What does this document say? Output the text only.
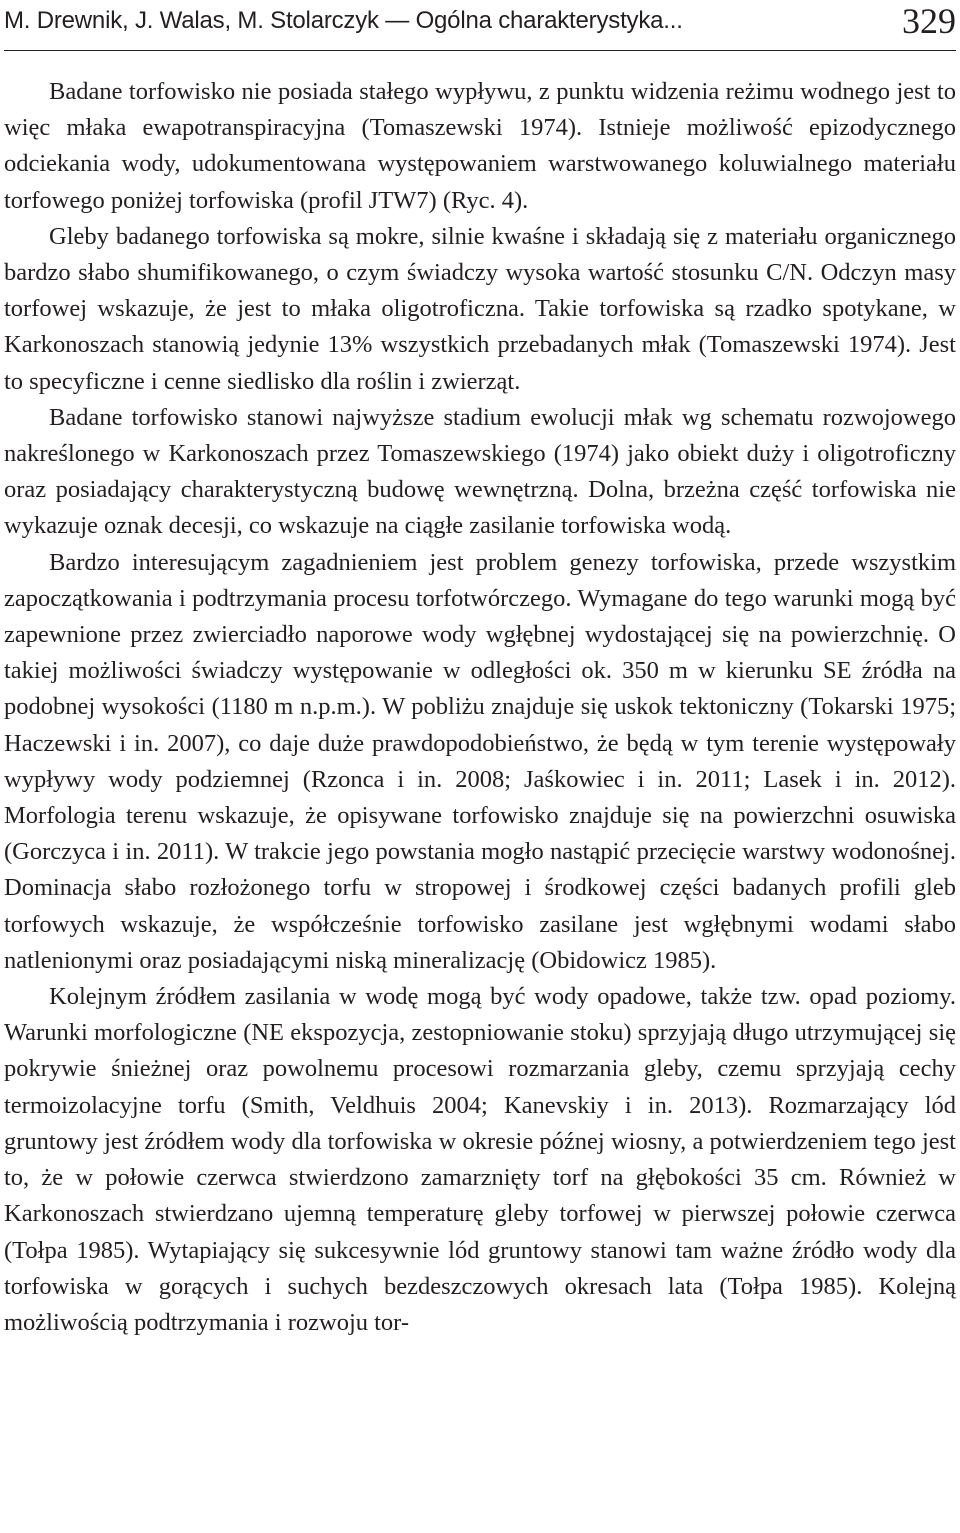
M. Drewnik, J. Walas, M. Stolarczyk — Ogólna charakterystyka...	329

Badane torfowisko nie posiada stałego wypływu, z punktu widzenia reżimu wodnego jest to więc młaka ewapotranspiracyjna (Tomaszewski 1974). Istnieje możliwość epizodycznego odciekania wody, udokumentowana występowaniem warstwowanego koluwialnego materiału torfowego poniżej torfowiska (profil JTW7) (Ryc. 4).

Gleby badanego torfowiska są mokre, silnie kwaśne i składają się z materiału organicznego bardzo słabo shumifikowanego, o czym świadczy wysoka wartość stosunku C/N. Odczyn masy torfowej wskazuje, że jest to młaka oligotroficzna. Takie torfowiska są rzadko spotykane, w Karkonoszach stanowią jedynie 13% wszystkich przebadanych młak (Tomaszewski 1974). Jest to specyficzne i cenne siedlisko dla roślin i zwierząt.

Badane torfowisko stanowi najwyższe stadium ewolucji młak wg schematu rozwojowego nakreślonego w Karkonoszach przez Tomaszewskiego (1974) jako obiekt duży i oligotroficzny oraz posiadający charakterystyczną budowę wewnętrzną. Dolna, brzeżna część torfowiska nie wykazuje oznak decesji, co wskazuje na ciągłe zasilanie torfowiska wodą.

Bardzo interesującym zagadnieniem jest problem genezy torfowiska, przede wszystkim zapoczątkowania i podtrzymania procesu torfotwórczego. Wymagane do tego warunki mogą być zapewnione przez zwierciadło naporowe wody wgłębnej wydostającej się na powierzchnię. O takiej możliwości świadczy występowanie w odległości ok. 350 m w kierunku SE źródła na podobnej wysokości (1180 m n.p.m.). W pobliżu znajduje się uskok tektoniczny (Tokarski 1975; Haczewski i in. 2007), co daje duże prawdopodobieństwo, że będą w tym terenie występowały wypływy wody podziemnej (Rzonca i in. 2008; Jaśkowiec i in. 2011; Lasek i in. 2012). Morfologia terenu wskazuje, że opisywane torfowisko znajduje się na powierzchni osuwiska (Gorczyca i in. 2011). W trakcie jego powstania mogło nastąpić przecięcie warstwy wodonośnej. Dominacja słabo rozłożonego torfu w stropowej i środkowej części badanych profili gleb torfowych wskazuje, że współcześnie torfowisko zasilane jest wgłębnymi wodami słabo natlenionymi oraz posiadającymi niską mineralizację (Obidowicz 1985).

Kolejnym źródłem zasilania w wodę mogą być wody opadowe, także tzw. opad poziomy. Warunki morfologiczne (NE ekspozycja, zestopniowanie stoku) sprzyjają długo utrzymującej się pokrywie śnieżnej oraz powolnemu procesowi rozmarzania gleby, czemu sprzyjają cechy termoizolacyjne torfu (Smith, Veldhuis 2004; Kanevskiy i in. 2013). Rozmarzający lód gruntowy jest źródłem wody dla torfowiska w okresie późnej wiosny, a potwierdzeniem tego jest to, że w połowie czerwca stwierdzono zamarznięty torf na głębokości 35 cm. Również w Karkonoszach stwierdzano ujemną temperaturę gleby torfowej w pierwszej połowie czerwca (Tołpa 1985). Wytapiający się sukcesywnie lód gruntowy stanowi tam ważne źródło wody dla torfowiska w gorących i suchych bezdeszczowych okresach lata (Tołpa 1985). Kolejną możliwością podtrzymania i rozwoju tor-
